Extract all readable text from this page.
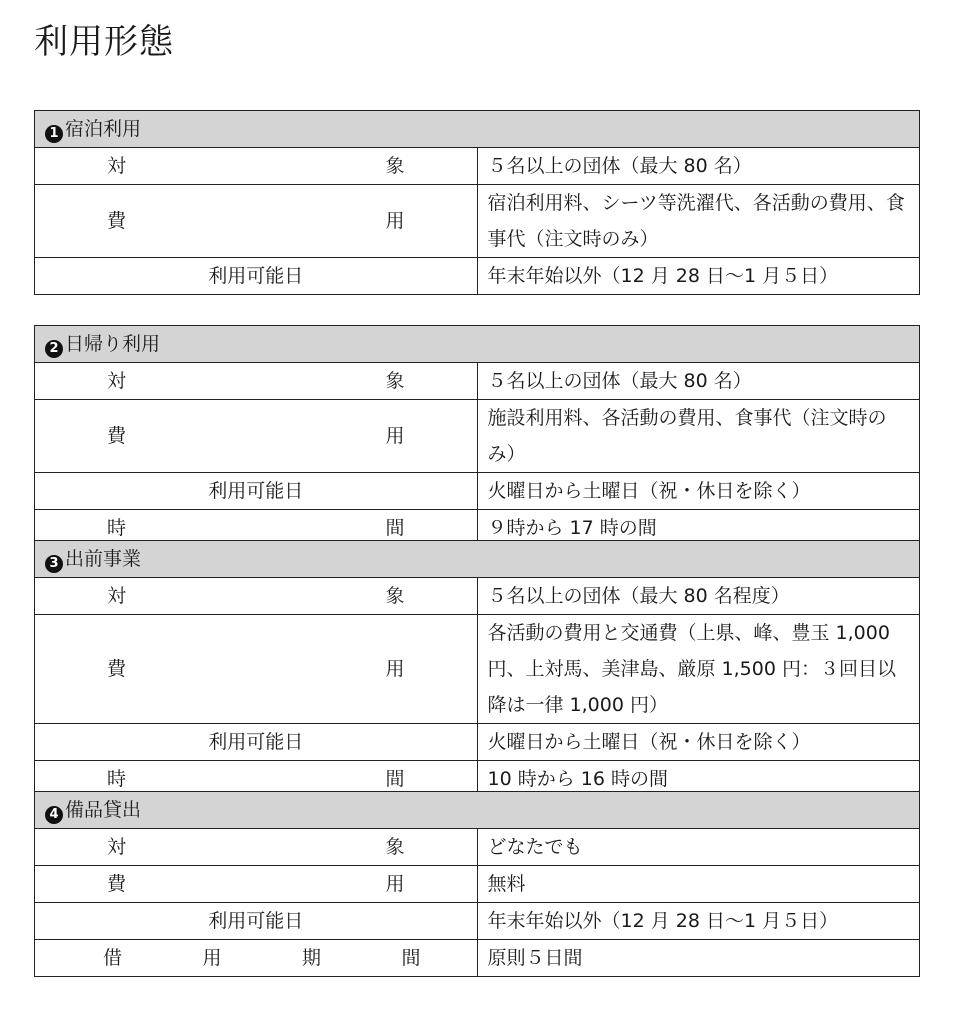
利用形態
1 宿泊利用	

対 象	５名以上の団体（最大 80 名）

費 用	宿泊利用料、シーツ等洗濯代、各活動の費用、食事代（注文時のみ）
利用可能日	年末年始以外（12 月 28 日～1 月５日）
2 日帰り利用	

対 象	５名以上の団体（最大 80 名）

費 用	施設利用料、各活動の費用、食事代（注文時のみ）
利用可能日	火曜日から土曜日（祝・休日を除く）

時 間	９時から 17 時の間
3 出前事業	

対 象	５名以上の団体（最大 80 名程度）

費 用	各活動の費用と交通費（上県、峰、豊玉 1,000 円、上対馬、美津島、厳原 1,500 円：３回目以降は一律 1,000 円）
利用可能日	火曜日から土曜日（祝・休日を除く）

時 間	10 時から 16 時の間
4 備品貸出	

対 象	どなたでも

費 用	無料
利用可能日	年末年始以外（12 月 28 日～1 月５日）

借 用 期 間	原則５日間
